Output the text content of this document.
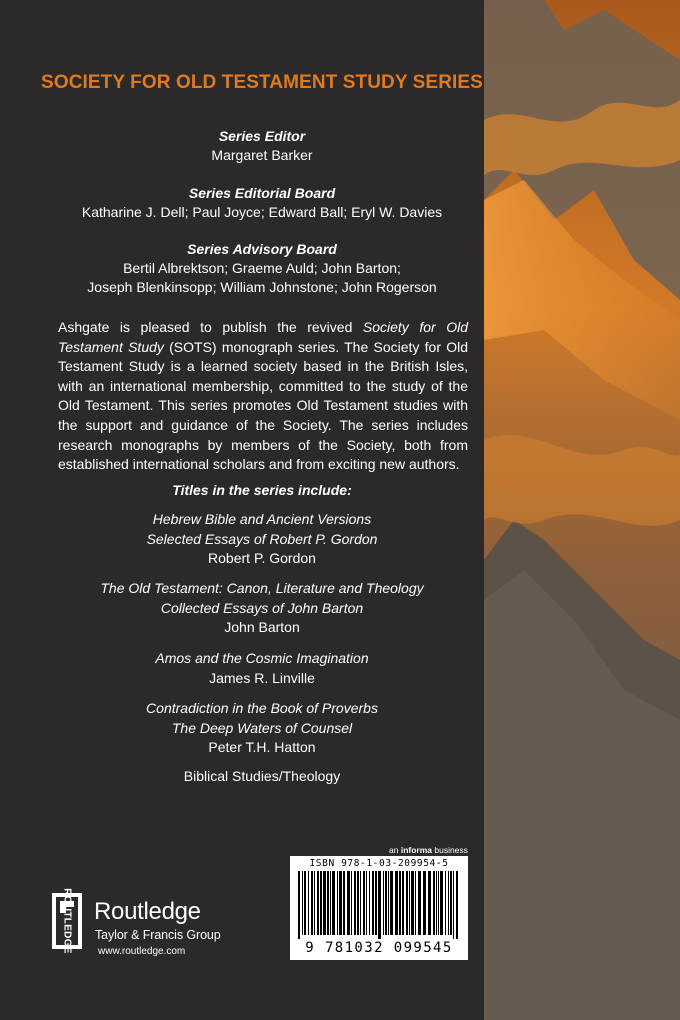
SOCIETY FOR OLD TESTAMENT STUDY SERIES
Series Editor
Margaret Barker
Series Editorial Board
Katharine J. Dell; Paul Joyce; Edward Ball; Eryl W. Davies
Series Advisory Board
Bertil Albrektson; Graeme Auld; John Barton;
Joseph Blenkinsopp; William Johnstone; John Rogerson
Ashgate is pleased to publish the revived Society for Old Testament Study (SOTS) monograph series. The Society for Old Testament Study is a learned society based in the British Isles, with an international membership, committed to the study of the Old Testament. This series promotes Old Testament studies with the support and guidance of the Society. The series includes research monographs by members of the Society, both from established international scholars and from exciting new authors.
Titles in the series include:
Hebrew Bible and Ancient Versions
Selected Essays of Robert P. Gordon
Robert P. Gordon
The Old Testament: Canon, Literature and Theology
Collected Essays of John Barton
John Barton
Amos and the Cosmic Imagination
James R. Linville
Contradiction in the Book of Proverbs
The Deep Waters of Counsel
Peter T.H. Hatton
Biblical Studies/Theology
an informa business
ISBN 978-1-03-209954-5
9 781032 099545
ROUTLEDGE Routledge
Taylor & Francis Group
www.routledge.com
